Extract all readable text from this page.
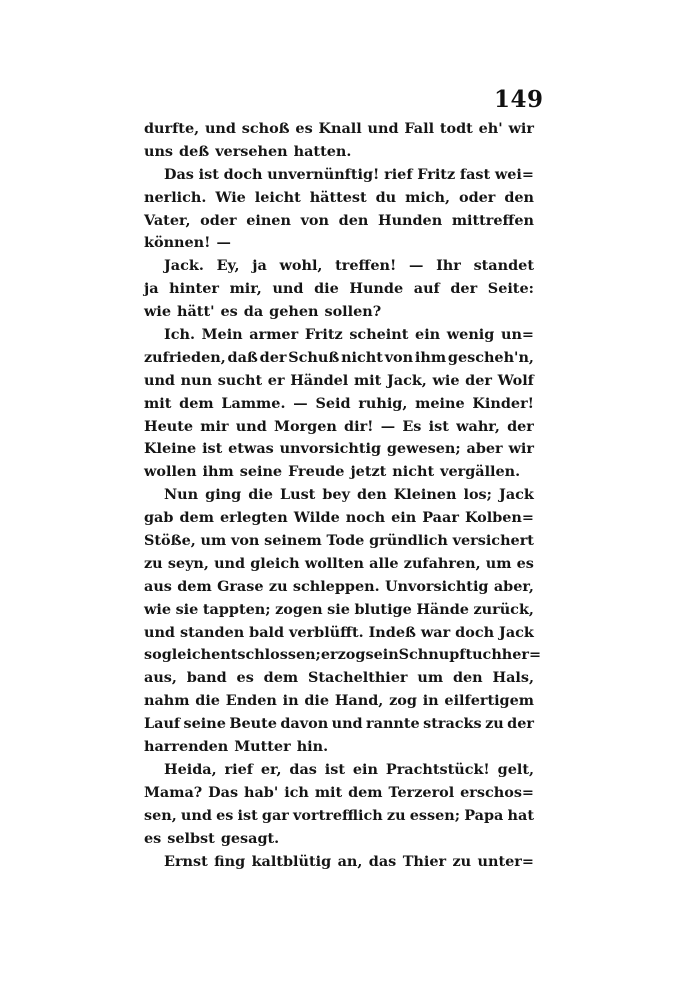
149
durfte, und schoß es Knall und Fall todt eh' wir
uns deß versehen hatten.
Das ist doch unvernünftig! rief Fritz fast wei=
nerlich. Wie leicht hättest du mich, oder den
Vater, oder einen von den Hunden mittreffen
können! —
Jack. Ey, ja wohl, treffen! — Ihr standet
ja hinter mir, und die Hunde auf der Seite:
wie hätt' es da gehen sollen?
Ich. Mein armer Fritz scheint ein wenig un=
zufrieden, daß der Schuß nicht von ihm gescheh'n,
und nun sucht er Händel mit Jack, wie der Wolf
mit dem Lamme. — Seid ruhig, meine Kinder!
Heute mir und Morgen dir! — Es ist wahr, der
Kleine ist etwas unvorsichtig gewesen; aber wir
wollen ihm seine Freude jetzt nicht vergällen.
Nun ging die Lust bey den Kleinen los; Jack
gab dem erlegten Wilde noch ein Paar Kolben=
Stöße, um von seinem Tode gründlich versichert
zu seyn, und gleich wollten alle zufahren, um es
aus dem Grase zu schleppen. Unvorsichtig aber,
wie sie tappten; zogen sie blutige Hände zurück,
und standen bald verblüfft. Indeß war doch Jack
sogleich entschlossen; er zog sein Schnupftuch her=
aus, band es dem Stachelthier um den Hals,
nahm die Enden in die Hand, zog in eilfertigem
Lauf seine Beute davon und rannte stracks zu der
harrenden Mutter hin.
Heida, rief er, das ist ein Prachtstück! gelt,
Mama? Das hab' ich mit dem Terzerol erschos=
sen, und es ist gar vortrefflich zu essen; Papa hat
es selbst gesagt.
Ernst fing kaltblütig an, das Thier zu unter=
